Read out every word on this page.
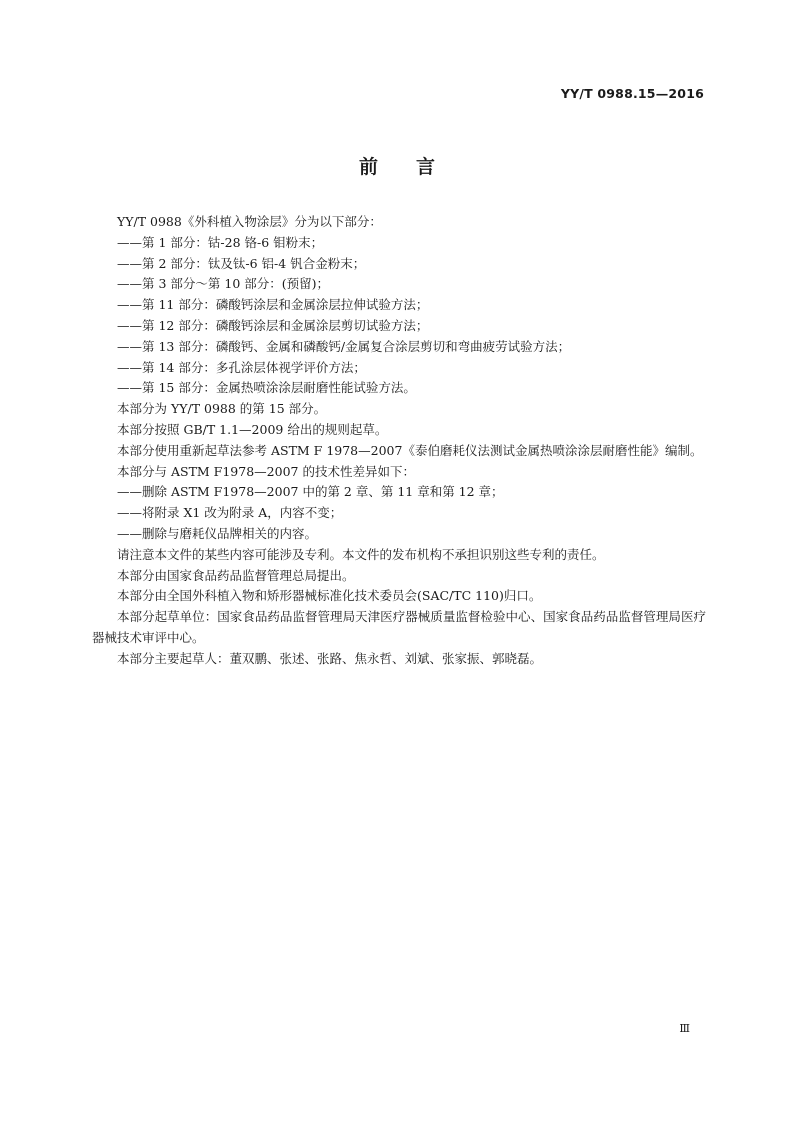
YY/T 0988.15—2016
前言

YY/T 0988《外科植入物涂层》分为以下部分：

——第 1 部分：钴-28 铬-6 钼粉末；

——第 2 部分：钛及钛-6 铝-4 钒合金粉末；

——第 3 部分～第 10 部分：(预留)；

——第 11 部分：磷酸钙涂层和金属涂层拉伸试验方法；

——第 12 部分：磷酸钙涂层和金属涂层剪切试验方法；

——第 13 部分：磷酸钙、金属和磷酸钙/金属复合涂层剪切和弯曲疲劳试验方法；

——第 14 部分：多孔涂层体视学评价方法；

——第 15 部分：金属热喷涂涂层耐磨性能试验方法。

本部分为 YY/T 0988 的第 15 部分。

本部分按照 GB/T 1.1—2009 给出的规则起草。

本部分使用重新起草法参考 ASTM F 1978—2007《泰伯磨耗仪法测试金属热喷涂涂层耐磨性能》编制。

本部分与 ASTM F1978—2007 的技术性差异如下：

——删除 ASTM F1978—2007 中的第 2 章、第 11 章和第 12 章；

——将附录 X1 改为附录 A，内容不变；

——删除与磨耗仪品牌相关的内容。

请注意本文件的某些内容可能涉及专利。本文件的发布机构不承担识别这些专利的责任。

本部分由国家食品药品监督管理总局提出。

本部分由全国外科植入物和矫形器械标准化技术委员会(SAC/TC 110)归口。

本部分起草单位：国家食品药品监督管理局天津医疗器械质量监督检验中心、国家食品药品监督管理局医疗器械技术审评中心。

本部分主要起草人：董双鹏、张述、张路、焦永哲、刘斌、张家振、郭晓磊。

Ⅲ
